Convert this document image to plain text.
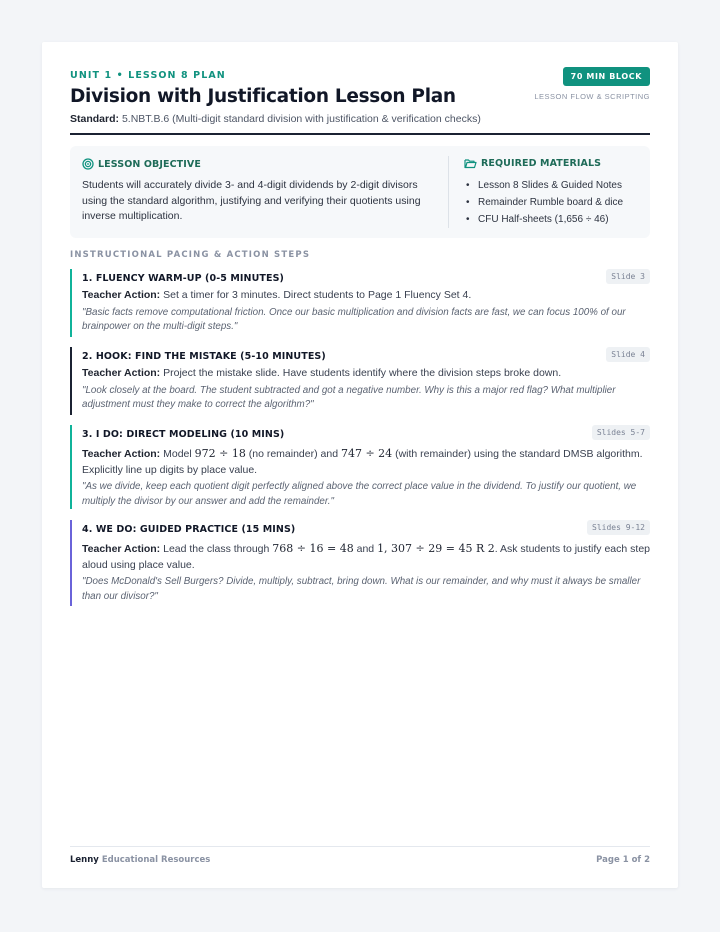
UNIT 1 • LESSON 8 PLAN
Division with Justification Lesson Plan
Standard: 5.NBT.B.6 (Multi-digit standard division with justification & verification checks)
70 MIN BLOCK
LESSON FLOW & SCRIPTING
LESSON OBJECTIVE
Students will accurately divide 3- and 4-digit dividends by 2-digit divisors using the standard algorithm, justifying and verifying their quotients using inverse multiplication.
REQUIRED MATERIALS
• Lesson 8 Slides & Guided Notes
• Remainder Rumble board & dice
• CFU Half-sheets (1,656 ÷ 46)
INSTRUCTIONAL PACING & ACTION STEPS
1. FLUENCY WARM-UP (0-5 MINUTES)	Slide 3
Teacher Action: Set a timer for 3 minutes. Direct students to Page 1 Fluency Set 4.
"Basic facts remove computational friction. Once our basic multiplication and division facts are fast, we can focus 100% of our brainpower on the multi-digit steps."
2. HOOK: FIND THE MISTAKE (5-10 MINUTES)	Slide 4
Teacher Action: Project the mistake slide. Have students identify where the division steps broke down.
"Look closely at the board. The student subtracted and got a negative number. Why is this a major red flag? What multiplier adjustment must they make to correct the algorithm?"
3. I DO: DIRECT MODELING (10 MINS)	Slides 5-7
Teacher Action: Model 972 ÷ 18 (no remainder) and 747 ÷ 24 (with remainder) using the standard DMSB algorithm. Explicitly line up digits by place value.
"As we divide, keep each quotient digit perfectly aligned above the correct place value in the dividend. To justify our quotient, we multiply the divisor by our answer and add the remainder."
4. WE DO: GUIDED PRACTICE (15 MINS)	Slides 9-12
Teacher Action: Lead the class through 768 ÷ 16 = 48 and 1, 307 ÷ 29 = 45 R 2. Ask students to justify each step aloud using place value.
"Does McDonald's Sell Burgers? Divide, multiply, subtract, bring down. What is our remainder, and why must it always be smaller than our divisor?"
Lenny Educational Resources	Page 1 of 2
